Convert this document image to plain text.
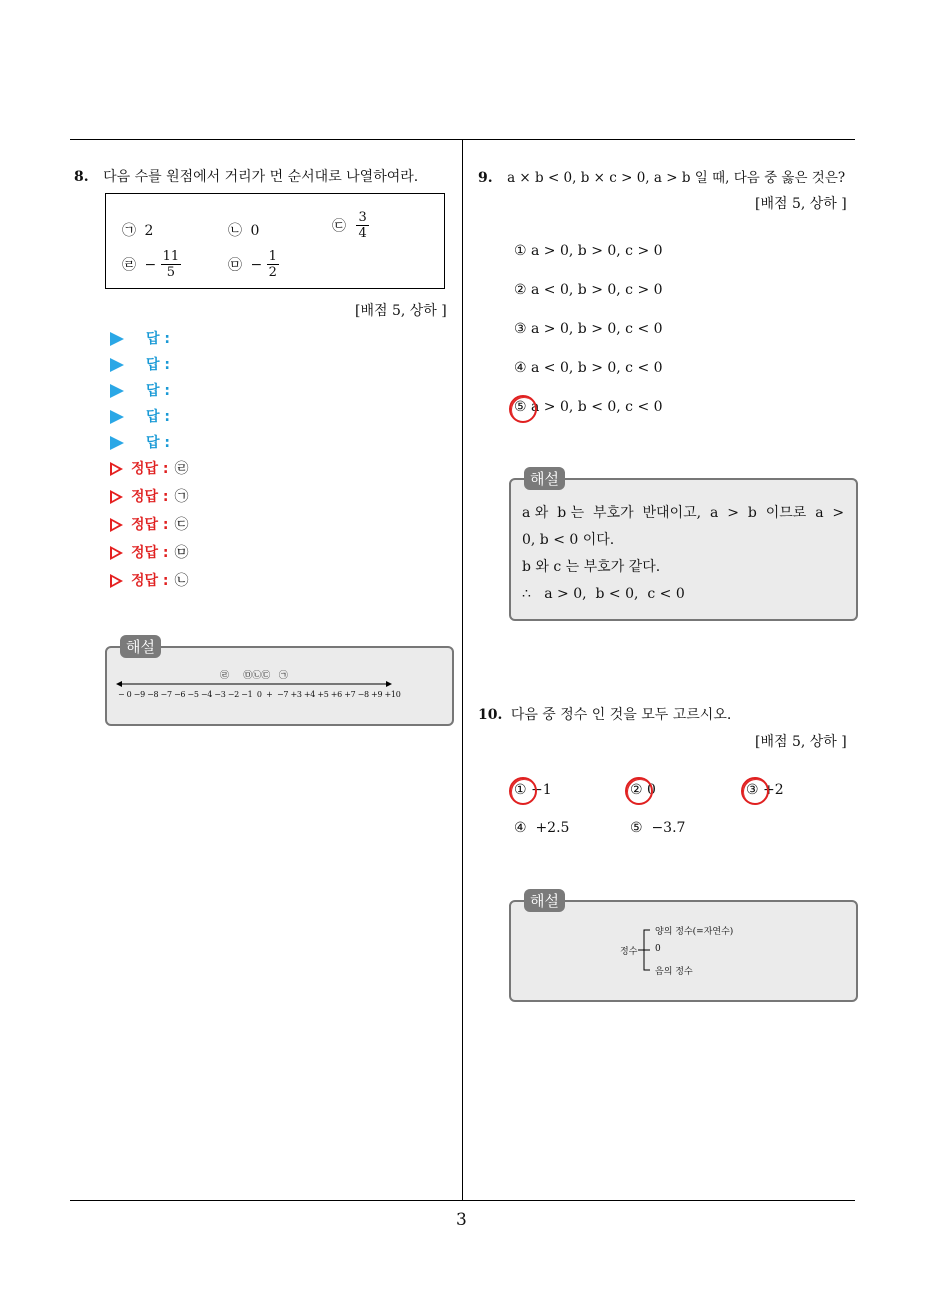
8. 다음 수를 원점에서 거리가 먼 순서대로 나열하여라.
㉠ 2	㉡ 0	㉢ $\frac{3}{4}$
㉣ − $\frac{11}{5}$	㉤ − $\frac{1}{2}$
[배점 5, 상하 ]
답 :
답 :
답 :
답 :
답 :
정답 : ㉣
정답 : ㉠
정답 : ㉢
정답 : ㉤
정답 : ㉡
해설
㉣     ㉤㉡㉢   ㉠
− 0 −9 −8 −7 −6 −5 −4 −3 −2 −1  0  +  −7 +3 +4 +5 +6 +7 −8 +9 +10
9. a × b < 0, b × c > 0, a > b 일 때, 다음 중 옳은 것은?
[배점 5, 상하 ]
① a > 0, b > 0, c > 0
② a < 0, b > 0, c > 0
③ a > 0, b > 0, c < 0
④ a < 0, b > 0, c < 0
⑤ a > 0, b < 0, c < 0
해설
a 와  b 는  부호가  반대이고,  a  >  b  이므로  a  >
0, b < 0 이다.
b 와 c 는 부호가 같다.
∴   a > 0,  b < 0,  c < 0
10. 다음 중 정수 인 것을 모두 고르시오.
[배점 5, 상하 ]
① −1	② 0	③ +2
④  +2.5	⑤  −3.7
해설
정수
양의 정수(=자연수)
0
음의 정수
3
